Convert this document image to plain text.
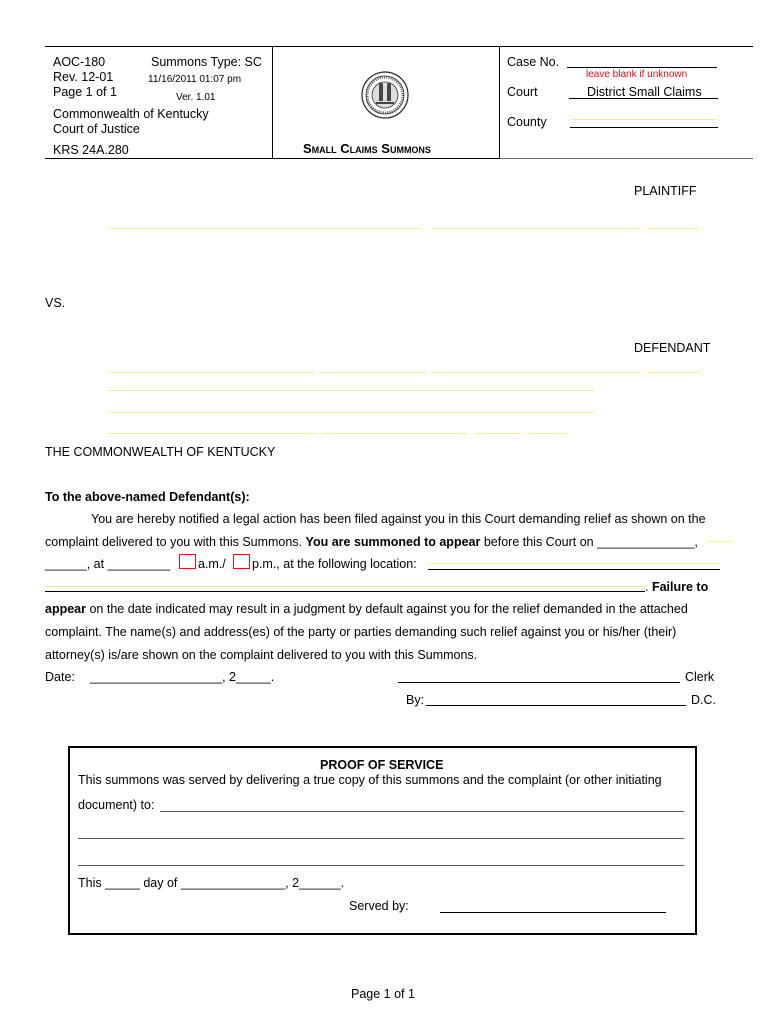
AOC-180
Rev. 12-01
Page 1 of 1
Summons Type: SC
11/16/2011 01:07 pm
Ver. 1.01
Commonwealth of Kentucky
Court of Justice
KRS 24A.280	Small Claims Summons
Case No.
leave blank if unknown
Court	District Small Claims
County
PLAINTIFF
VS.
DEFENDANT
THE COMMONWEALTH OF KENTUCKY
To the above-named Defendant(s):
You are hereby notified a legal action has been filed against you in this Court demanding relief as shown on the
complaint delivered to you with this Summons. You are summoned to appear before this Court on ______________,
______, at _________ a.m./ p.m., at the following location:
. Failure to
appear on the date indicated may result in a judgment by default against you for the relief demanded in the attached
complaint. The name(s) and address(es) of the party or parties demanding such relief against you or his/her (their)
attorney(s) is/are shown on the complaint delivered to you with this Summons.
Date: ___________________, 2_____.	Clerk
By:	D.C.
PROOF OF SERVICE
This summons was served by delivering a true copy of this summons and the complaint (or other initiating
document) to:
This _____ day of _______________, 2______.
Served by:
Page 1 of 1
